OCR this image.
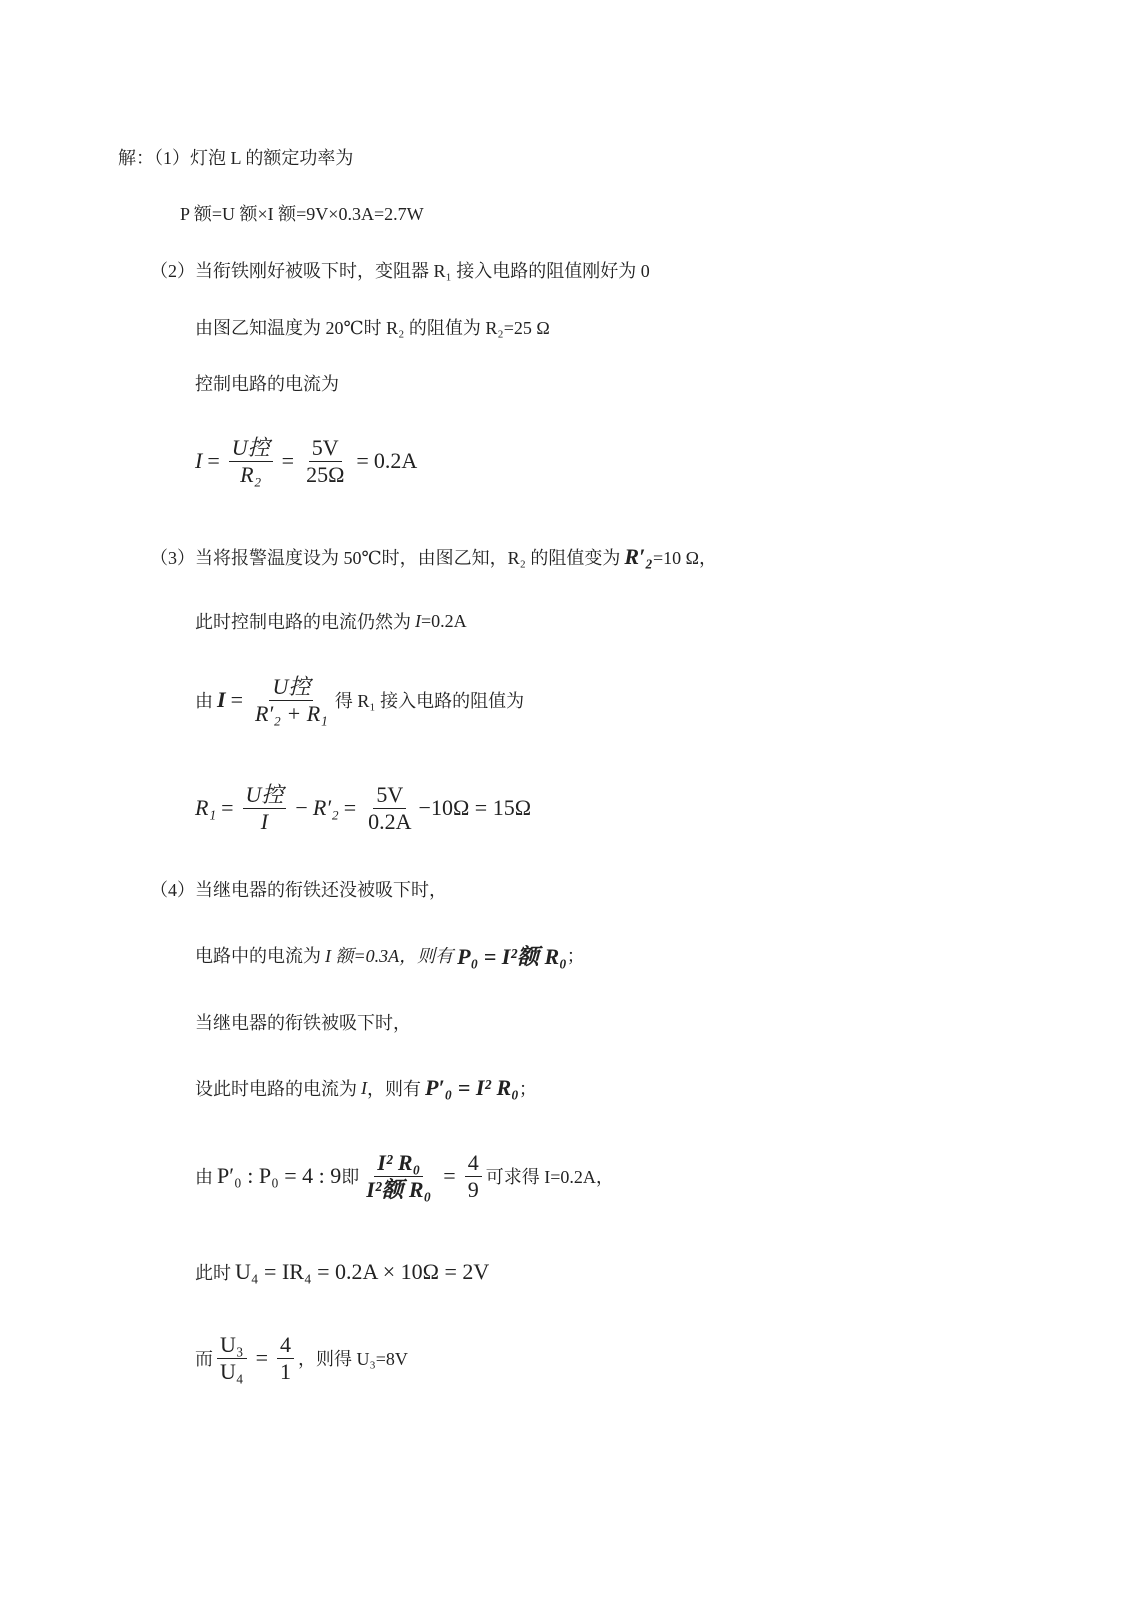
解：（1）灯泡 L 的额定功率为
P 额=U 额×I 额=9V×0.3A=2.7W
（2）当衔铁刚好被吸下时，变阻器 R₁ 接入电路的阻值刚好为 0
由图乙知温度为 20℃时 R₂ 的阻值为 R₂=25 Ω
控制电路的电流为
$I = \frac{\text{U控}}{\text{R₂}} = \frac{5V}{25\Omega} = 0.2A$
（3）当将报警温度设为 50℃时，由图乙知，R₂ 的阻值变为 R′₂ =10 Ω，
此时控制电路的电流仍然为 I =0.2A
由 $I = \frac{\text{U控}}{\text{R′₂ + R₁}}$ 得 R₁ 接入电路的阻值为
$R_1 = \frac{\text{U控}}{I} - R'_2 = \frac{5V}{0.2A} -10\Omega = 15\Omega$
（4）当继电器的衔铁还没被吸下时，
电路中的电流为 I 额=0.3A，则有 P₀ = I²额 R₀ ；
当继电器的衔铁被吸下时，
设此时电路的电流为 I ，则有 P′₀ = I² R₀ ；
由 P′₀ : P₀ = 4 : 9 即 $\frac{\text{I² R₀}}{\text{I²额 R₀}} = \frac{4}{9}$ 可求得 I=0.2A，
此时 U₄ = IR₄ = 0.2A × 10Ω = 2V
而 $\frac{\text{U₃}}{\text{U₄}} = \frac{4}{1}$ ，则得 U₃=8V
